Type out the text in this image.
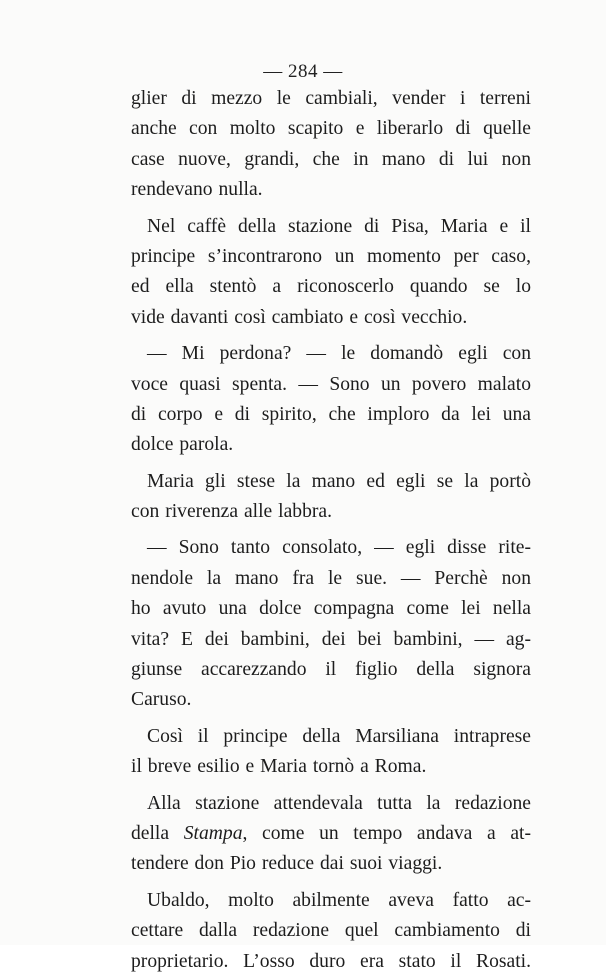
— 284 —
glier di mezzo le cambiali, vender i terreni
anche con molto scapito e liberarlo di quelle
case nuove, grandi, che in mano di lui non
rendevano nulla.
Nel caffè della stazione di Pisa, Maria e il
principe s’incontrarono un momento per caso,
ed ella stentò a riconoscerlo quando se lo
vide davanti così cambiato e così vecchio.
— Mi perdona? — le domandò egli con
voce quasi spenta. — Sono un povero malato
di corpo e di spirito, che imploro da lei una
dolce parola.
Maria gli stese la mano ed egli se la portò
con riverenza alle labbra.
— Sono tanto consolato, — egli disse rite-
nendole la mano fra le sue. — Perchè non
ho avuto una dolce compagna come lei nella
vita? E dei bambini, dei bei bambini, — ag-
giunse accarezzando il figlio della signora
Caruso.
Così il principe della Marsiliana intraprese
il breve esilio e Maria tornò a Roma.
Alla stazione attendevala tutta la redazione
della Stampa, come un tempo andava a at-
tendere don Pio reduce dai suoi viaggi.
Ubaldo, molto abilmente aveva fatto ac-
cettare dalla redazione quel cambiamento di
proprietario. L’osso duro era stato il Rosati.
